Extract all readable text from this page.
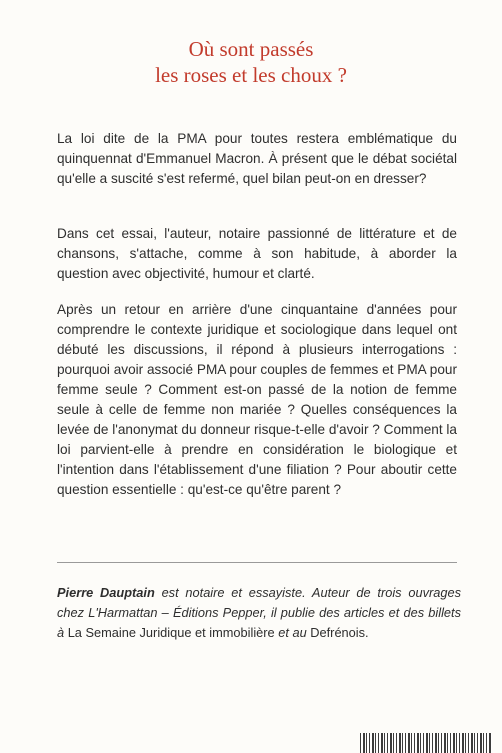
Où sont passés
les roses et les choux ?

La loi dite de la PMA pour toutes restera emblématique du quinquennat d'Emmanuel Macron. À présent que le débat sociétal qu'elle a suscité s'est refermé, quel bilan peut-on en dresser?

Dans cet essai, l'auteur, notaire passionné de littérature et de chansons, s'attache, comme à son habitude, à aborder la question avec objectivité, humour et clarté.

Après un retour en arrière d'une cinquantaine d'années pour comprendre le contexte juridique et sociologique dans lequel ont débuté les discussions, il répond à plusieurs interrogations : pourquoi avoir associé PMA pour couples de femmes et PMA pour femme seule ? Comment est-on passé de la notion de femme seule à celle de femme non mariée ? Quelles conséquences la levée de l'anonymat du donneur risque-t-elle d'avoir ? Comment la loi parvient-elle à prendre en considération le biologique et l'intention dans l'établissement d'une filiation ? Pour aboutir cette question essentielle : qu'est-ce qu'être parent ?

Pierre Dauptain est notaire et essayiste. Auteur de trois ouvrages chez L'Harmattan – Éditions Pepper, il publie des articles et des billets à La Semaine Juridique et immobilière et au Defrénois.
